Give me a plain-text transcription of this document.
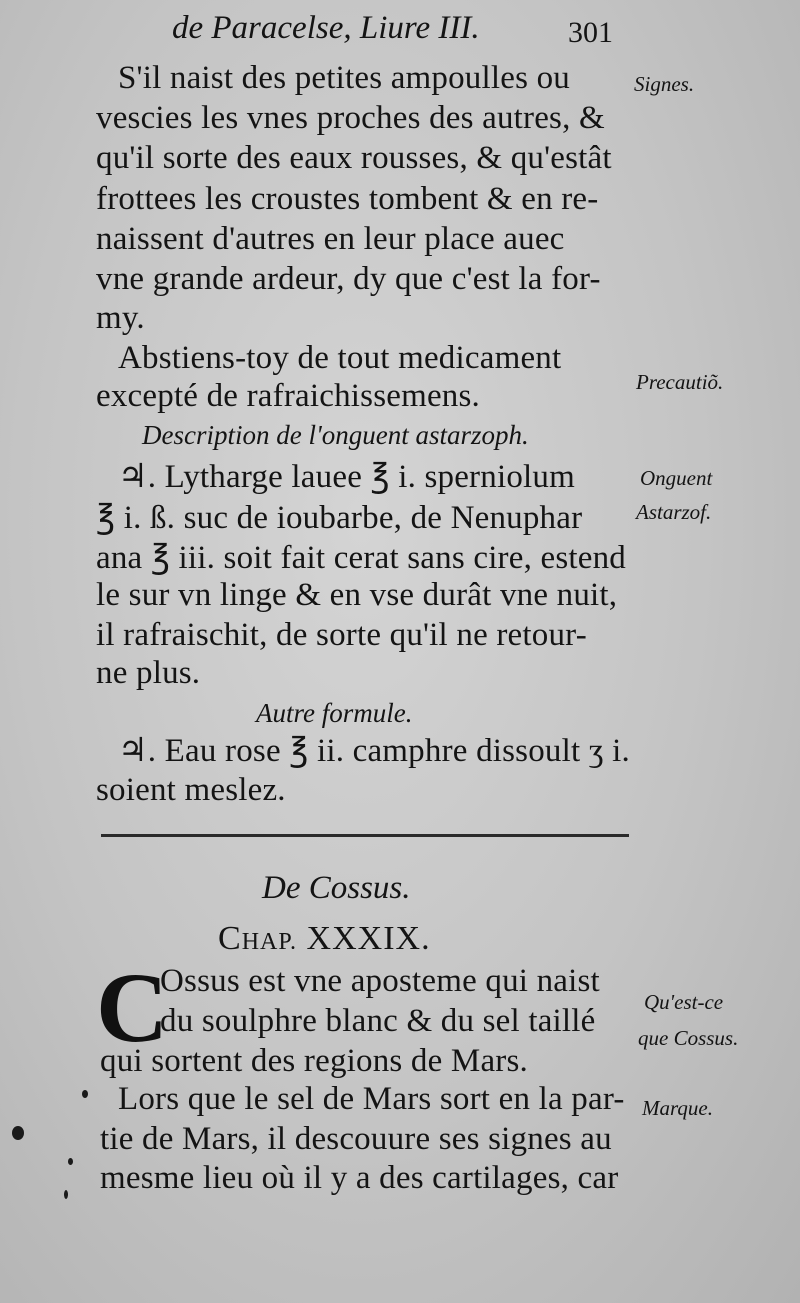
de Paracelse, Liure III.	301
S'il naist des petites ampoulles ou
vescies les vnes proches des autres, &
qu'il sorte des eaux rousses, & qu'estât
frottees les croustes tombent & en re-
naissent d'autres en leur place auec
vne grande ardeur, dy que c'est la for-
my.
Abstiens-toy de tout medicament
excepté de rafraichissemens.
Description de l'onguent astarzoph.
♃. Lytharge lauee ℥ i. sperniolum
℥ i. ß. suc de ioubarbe, de Nenuphar
ana ℥ iii. soit fait cerat sans cire, estend
le sur vn linge & en vse durât vne nuit,
il rafraischit, de sorte qu'il ne retour-
ne plus.
Autre formule.
♃. Eau rose ℥ ii. camphre dissoult ʒ i.
soient meslez.
De Cossus.
CHAP. XXXIX.
C
Ossus est vne aposteme qui naist
du soulphre blanc & du sel taillé
qui sortent des regions de Mars.
Lors que le sel de Mars sort en la par-
tie de Mars, il descouure ses signes au
mesme lieu où il y a des cartilages, car
Signes.
Precautiõ.
Onguent
Astarzof.
Qu'est-ce
que Cossus.
Marque.
